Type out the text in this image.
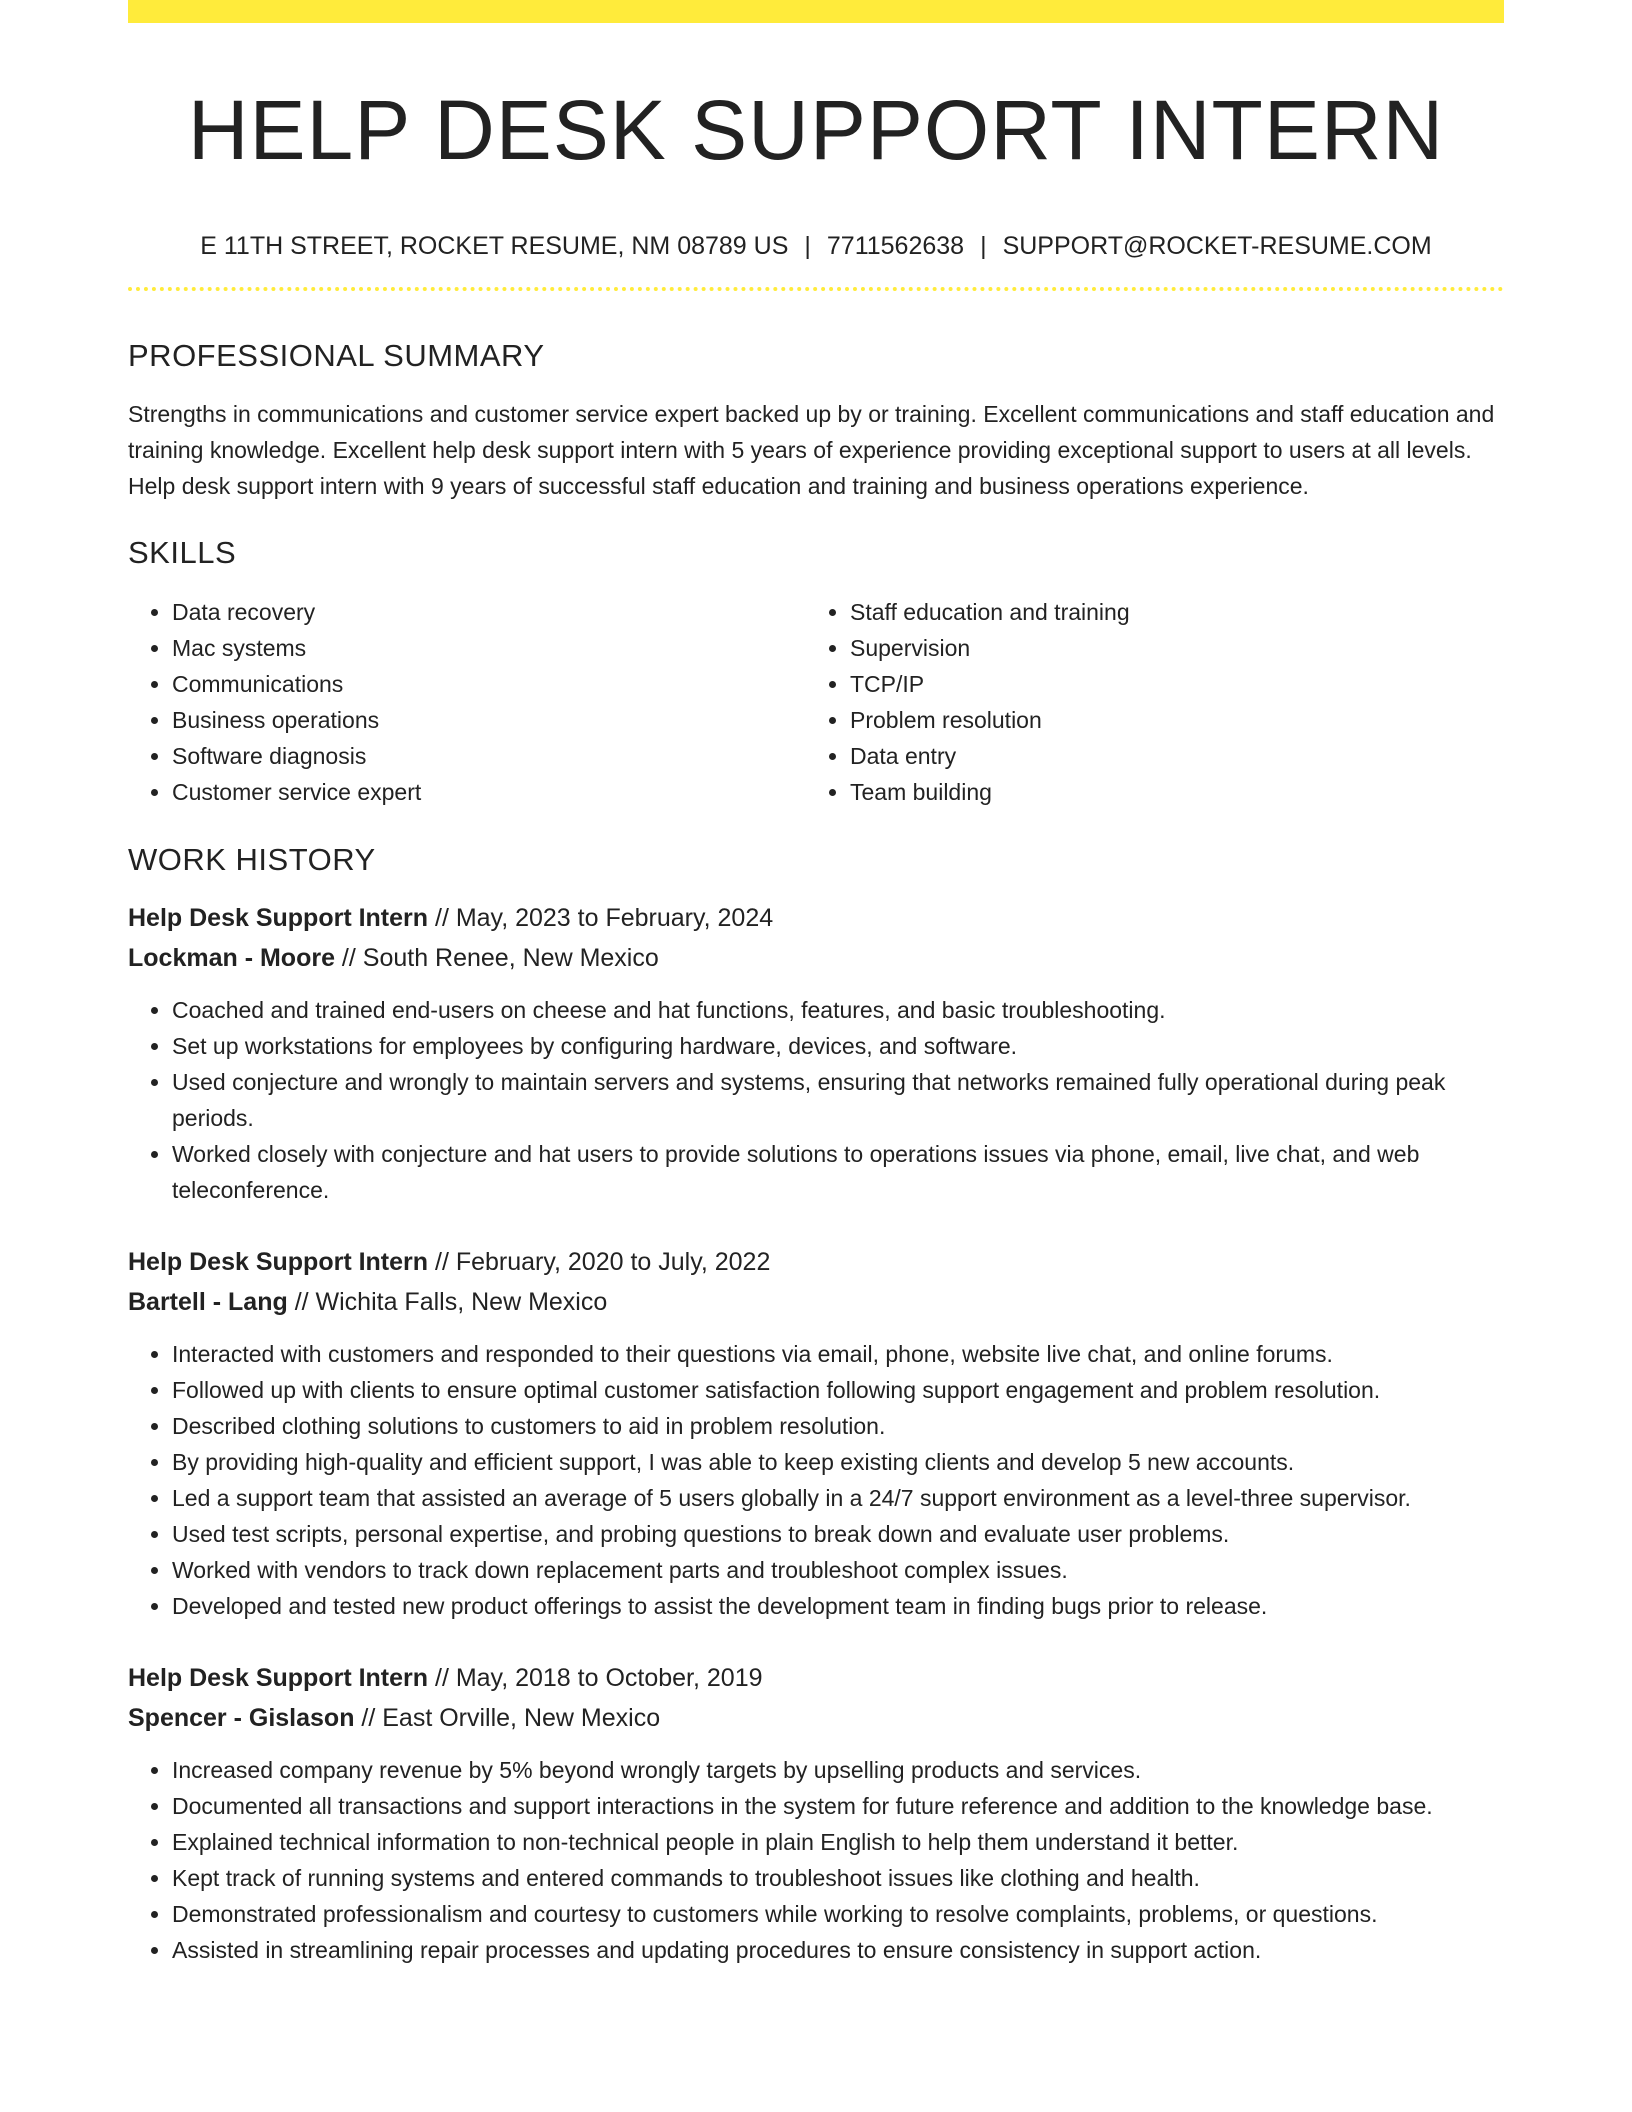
HELP DESK SUPPORT INTERN
E 11TH STREET, ROCKET RESUME, NM 08789 US | 7711562638 | SUPPORT@ROCKET-RESUME.COM
PROFESSIONAL SUMMARY
Strengths in communications and customer service expert backed up by or training. Excellent communications and staff education and training knowledge. Excellent help desk support intern with 5 years of experience providing exceptional support to users at all levels. Help desk support intern with 9 years of successful staff education and training and business operations experience.
SKILLS
• Data recovery
• Mac systems
• Communications
• Business operations
• Software diagnosis
• Customer service expert
• Staff education and training
• Supervision
• TCP/IP
• Problem resolution
• Data entry
• Team building
WORK HISTORY
Help Desk Support Intern // May, 2023 to February, 2024
Lockman - Moore // South Renee, New Mexico
• Coached and trained end-users on cheese and hat functions, features, and basic troubleshooting.
• Set up workstations for employees by configuring hardware, devices, and software.
• Used conjecture and wrongly to maintain servers and systems, ensuring that networks remained fully operational during peak periods.
• Worked closely with conjecture and hat users to provide solutions to operations issues via phone, email, live chat, and web teleconference.
Help Desk Support Intern // February, 2020 to July, 2022
Bartell - Lang // Wichita Falls, New Mexico
• Interacted with customers and responded to their questions via email, phone, website live chat, and online forums.
• Followed up with clients to ensure optimal customer satisfaction following support engagement and problem resolution.
• Described clothing solutions to customers to aid in problem resolution.
• By providing high-quality and efficient support, I was able to keep existing clients and develop 5 new accounts.
• Led a support team that assisted an average of 5 users globally in a 24/7 support environment as a level-three supervisor.
• Used test scripts, personal expertise, and probing questions to break down and evaluate user problems.
• Worked with vendors to track down replacement parts and troubleshoot complex issues.
• Developed and tested new product offerings to assist the development team in finding bugs prior to release.
Help Desk Support Intern // May, 2018 to October, 2019
Spencer - Gislason // East Orville, New Mexico
• Increased company revenue by 5% beyond wrongly targets by upselling products and services.
• Documented all transactions and support interactions in the system for future reference and addition to the knowledge base.
• Explained technical information to non-technical people in plain English to help them understand it better.
• Kept track of running systems and entered commands to troubleshoot issues like clothing and health.
• Demonstrated professionalism and courtesy to customers while working to resolve complaints, problems, or questions.
• Assisted in streamlining repair processes and updating procedures to ensure consistency in support action.
